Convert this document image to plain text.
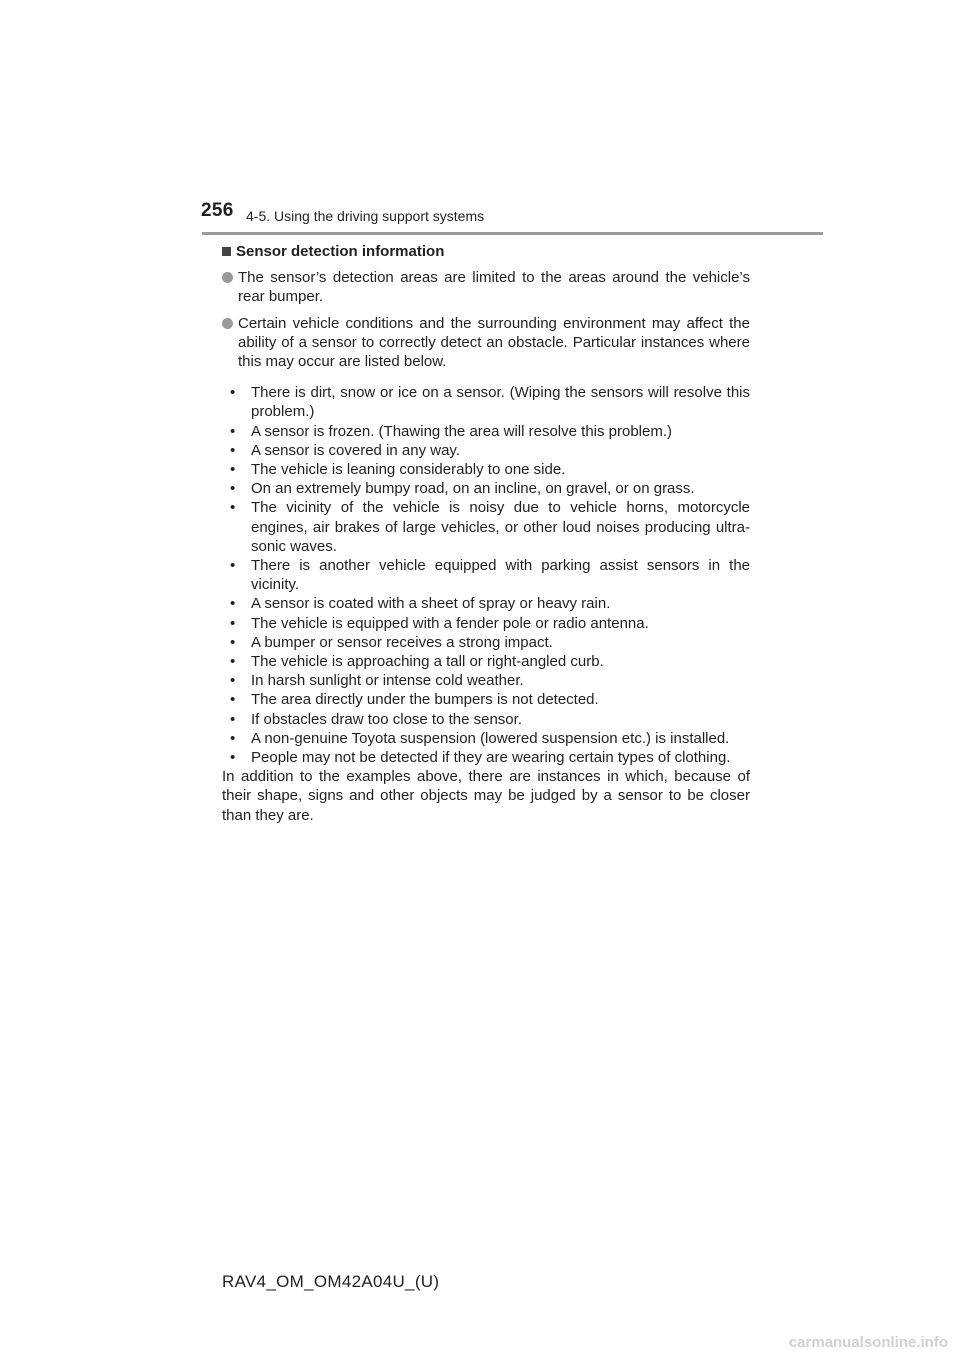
256 4-5. Using the driving support systems
Sensor detection information
The sensor’s detection areas are limited to the areas around the vehicle’s rear bumper.
Certain vehicle conditions and the surrounding environment may affect the ability of a sensor to correctly detect an obstacle. Particular instances where this may occur are listed below.
• There is dirt, snow or ice on a sensor. (Wiping the sensors will resolve this problem.)
• A sensor is frozen. (Thawing the area will resolve this problem.)
• A sensor is covered in any way.
• The vehicle is leaning considerably to one side.
• On an extremely bumpy road, on an incline, on gravel, or on grass.
• The vicinity of the vehicle is noisy due to vehicle horns, motorcycle engines, air brakes of large vehicles, or other loud noises producing ultra-sonic waves.
• There is another vehicle equipped with parking assist sensors in the vicinity.
• A sensor is coated with a sheet of spray or heavy rain.
• The vehicle is equipped with a fender pole or radio antenna.
• A bumper or sensor receives a strong impact.
• The vehicle is approaching a tall or right-angled curb.
• In harsh sunlight or intense cold weather.
• The area directly under the bumpers is not detected.
• If obstacles draw too close to the sensor.
• A non-genuine Toyota suspension (lowered suspension etc.) is installed.
• People may not be detected if they are wearing certain types of clothing.
In addition to the examples above, there are instances in which, because of their shape, signs and other objects may be judged by a sensor to be closer than they are.
RAV4_OM_OM42A04U_(U)
carmanualsonline.info
